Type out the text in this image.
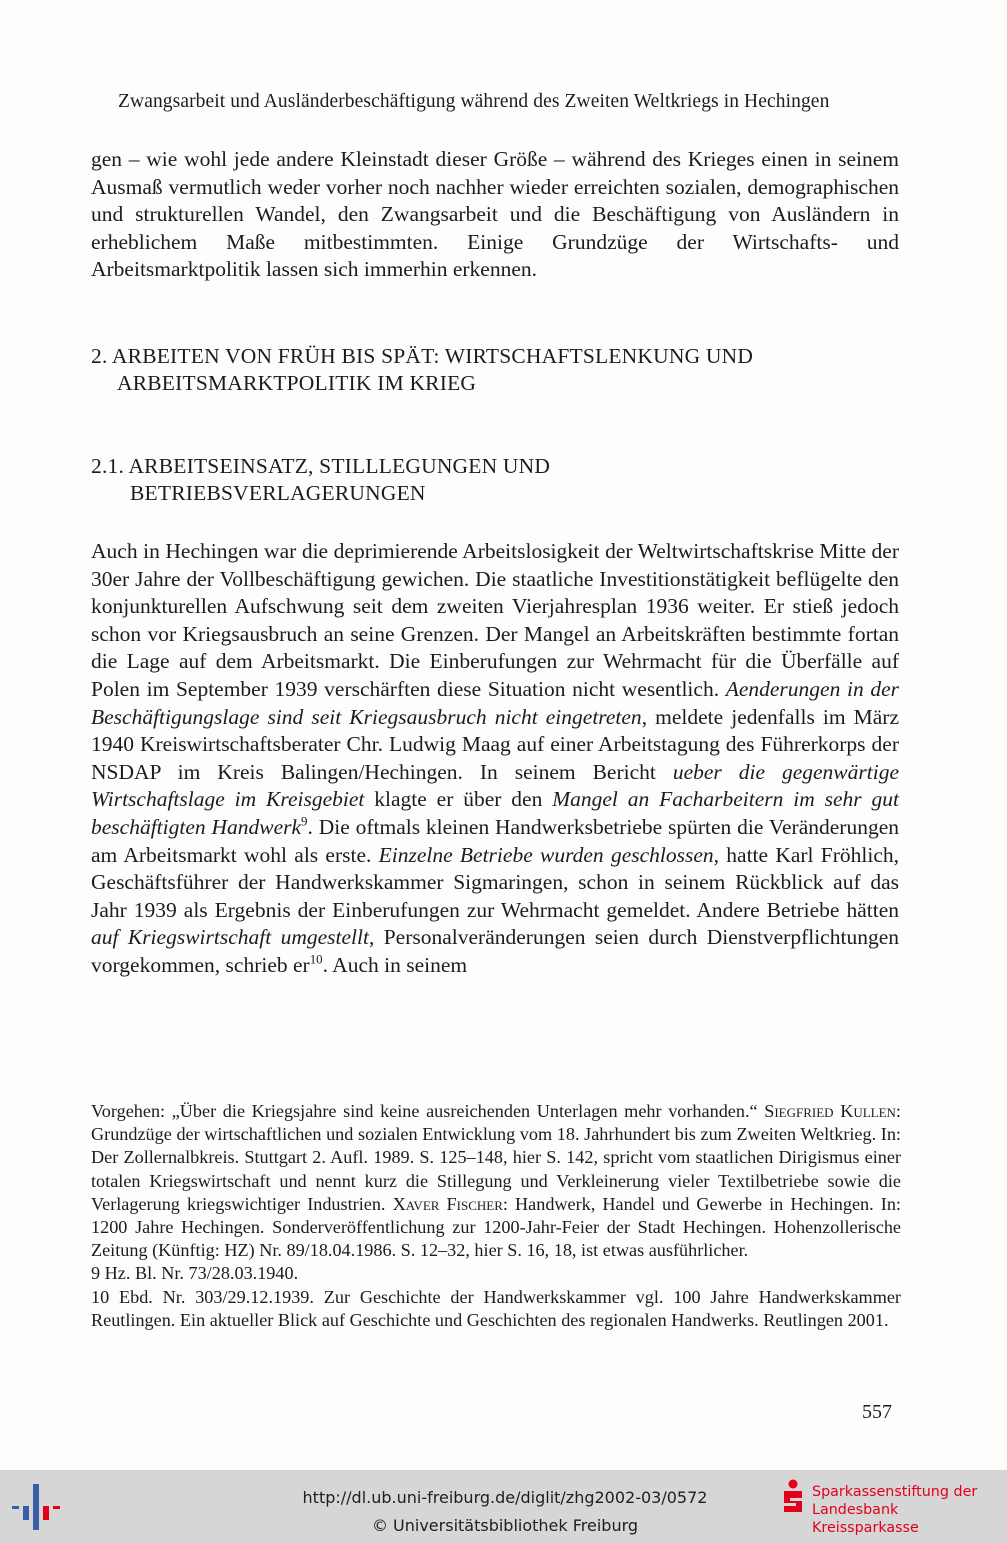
Zwangsarbeit und Ausländerbeschäftigung während des Zweiten Weltkriegs in Hechingen
gen – wie wohl jede andere Kleinstadt dieser Größe – während des Krieges einen in seinem Ausmaß vermutlich weder vorher noch nachher wieder erreichten sozialen, demographischen und strukturellen Wandel, den Zwangsarbeit und die Beschäftigung von Ausländern in erheblichem Maße mitbestimmten. Einige Grundzüge der Wirtschafts- und Arbeitsmarktpolitik lassen sich immerhin erkennen.
2. ARBEITEN VON FRÜH BIS SPÄT: WIRTSCHAFTSLENKUNG UND
ARBEITSMARKTPOLITIK IM KRIEG
2.1. ARBEITSEINSATZ, STILLLEGUNGEN UND
BETRIEBSVERLAGERUNGEN
Auch in Hechingen war die deprimierende Arbeitslosigkeit der Weltwirtschaftskrise Mitte der 30er Jahre der Vollbeschäftigung gewichen. Die staatliche Investitionstätigkeit beflügelte den konjunkturellen Aufschwung seit dem zweiten Vierjahresplan 1936 weiter. Er stieß jedoch schon vor Kriegsausbruch an seine Grenzen. Der Mangel an Arbeitskräften bestimmte fortan die Lage auf dem Arbeitsmarkt. Die Einberufungen zur Wehrmacht für die Überfälle auf Polen im September 1939 verschärften diese Situation nicht wesentlich. Aenderungen in der Beschäftigungslage sind seit Kriegsausbruch nicht eingetreten, meldete jedenfalls im März 1940 Kreiswirtschaftsberater Chr. Ludwig Maag auf einer Arbeitstagung des Führerkorps der NSDAP im Kreis Balingen/Hechingen. In seinem Bericht ueber die gegenwärtige Wirtschaftslage im Kreisgebiet klagte er über den Mangel an Facharbeitern im sehr gut beschäftigten Handwerk$^9$. Die oftmals kleinen Handwerksbetriebe spürten die Veränderungen am Arbeitsmarkt wohl als erste. Einzelne Betriebe wurden geschlossen, hatte Karl Fröhlich, Geschäftsführer der Handwerkskammer Sigmaringen, schon in seinem Rückblick auf das Jahr 1939 als Ergebnis der Einberufungen zur Wehrmacht gemeldet. Andere Betriebe hätten auf Kriegswirtschaft umgestellt, Personalveränderungen seien durch Dienstverpflichtungen vorgekommen, schrieb $er^{10}$. Auch in seinem

Vorgehen: „Über die Kriegsjahre sind keine ausreichenden Unterlagen mehr vorhanden.“ Siegfried Kullen: Grundzüge der wirtschaftlichen und sozialen Entwicklung vom 18. Jahrhundert bis zum Zweiten Weltkrieg. In: Der Zollernalbkreis. Stuttgart 2. Aufl. 1989. S. 125–148, hier S. 142, spricht vom staatlichen Dirigismus einer totalen Kriegswirtschaft und nennt kurz die Stillegung und Verkleinerung vieler Textilbetriebe sowie die Verlagerung kriegswichtiger Industrien. Xaver Fischer: Handwerk, Handel und Gewerbe in Hechingen. In: 1200 Jahre Hechingen. Sonderveröffentlichung zur 1200-Jahr-Feier der Stadt Hechingen. Hohenzollerische Zeitung (Künftig: HZ) Nr. 89/18.04.1986. S. 12–32, hier S. 16, 18, ist etwas ausführlicher.

9 Hz. Bl. Nr. 73/28.03.1940.

10 Ebd. Nr. 303/29.12.1939. Zur Geschichte der Handwerkskammer vgl. 100 Jahre Handwerkskammer Reutlingen. Ein aktueller Blick auf Geschichte und Geschichten des regionalen Handwerks. Reutlingen 2001.

557
http://dl.ub.uni-freiburg.de/diglit/zhg2002-03/0572
© Universitätsbibliothek Freiburg
Sparkassenstiftung der
Landesbank Kreissparkasse
